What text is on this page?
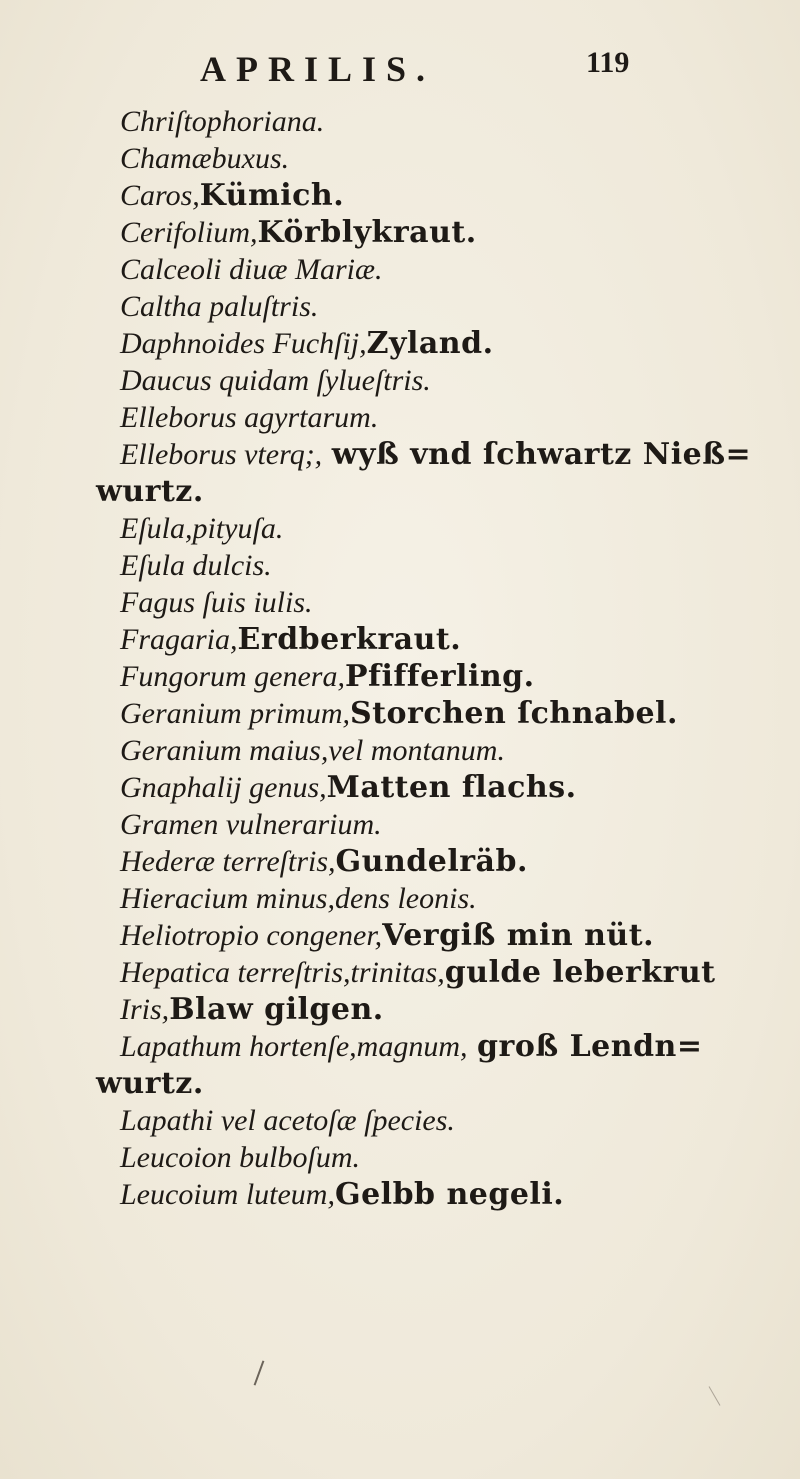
APRILIS.	119
Chriſtophoriana.
Chamæbuxus.
Caros,Kümich.
Cerifolium,Körblykraut.
Calceoli diuæ Mariæ.
Caltha paluſtris.
Daphnoides Fuchſij,Zyland.
Daucus quidam ſylueſtris.
Elleborus agyrtarum.
Elleborus vterq;, wyß vnd ſchwartz Nieß=
wurtz.
Eſula,pityuſa.
Eſula dulcis.
Fagus ſuis iulis.
Fragaria,Erdberkraut.
Fungorum genera,Pfifferling.
Geranium primum,Storchen ſchnabel.
Geranium maius,vel montanum.
Gnaphalij genus,Matten flachs.
Gramen vulnerarium.
Hederæ terreſtris,Gundelräb.
Hieracium minus,dens leonis.
Heliotropio congener,Vergiß min nüt.
Hepatica terreſtris,trinitas,gulde leberkrut
Iris,Blaw gilgen.
Lapathum hortenſe,magnum, groß Lendn=
wurtz.
Lapathi vel acetoſæ ſpecies.
Leucoion bulboſum.
Leucoium luteum,Gelbb negeli.
